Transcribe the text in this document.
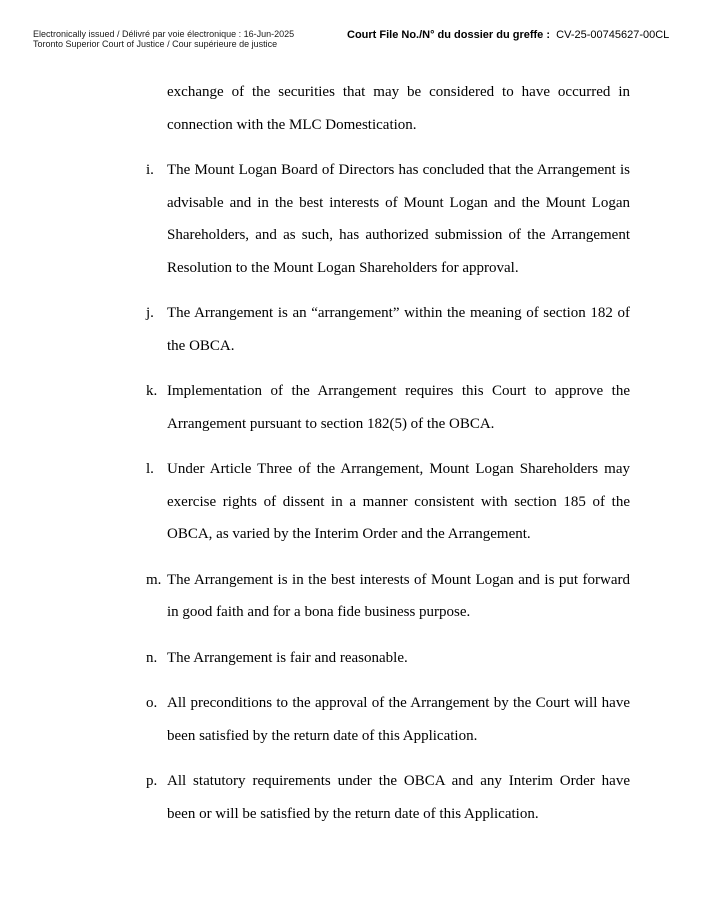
Electronically issued / Délivré par voie électronique : 16-Jun-2025
Toronto Superior Court of Justice / Cour supérieure de justice
Court File No./N° du dossier du greffe : CV-25-00745627-00CL
exchange of the securities that may be considered to have occurred in connection with the MLC Domestication.
i. The Mount Logan Board of Directors has concluded that the Arrangement is advisable and in the best interests of Mount Logan and the Mount Logan Shareholders, and as such, has authorized submission of the Arrangement Resolution to the Mount Logan Shareholders for approval.
j. The Arrangement is an “arrangement” within the meaning of section 182 of the OBCA.
k. Implementation of the Arrangement requires this Court to approve the Arrangement pursuant to section 182(5) of the OBCA.
l. Under Article Three of the Arrangement, Mount Logan Shareholders may exercise rights of dissent in a manner consistent with section 185 of the OBCA, as varied by the Interim Order and the Arrangement.
m. The Arrangement is in the best interests of Mount Logan and is put forward in good faith and for a bona fide business purpose.
n. The Arrangement is fair and reasonable.
o. All preconditions to the approval of the Arrangement by the Court will have been satisfied by the return date of this Application.
p. All statutory requirements under the OBCA and any Interim Order have been or will be satisfied by the return date of this Application.
